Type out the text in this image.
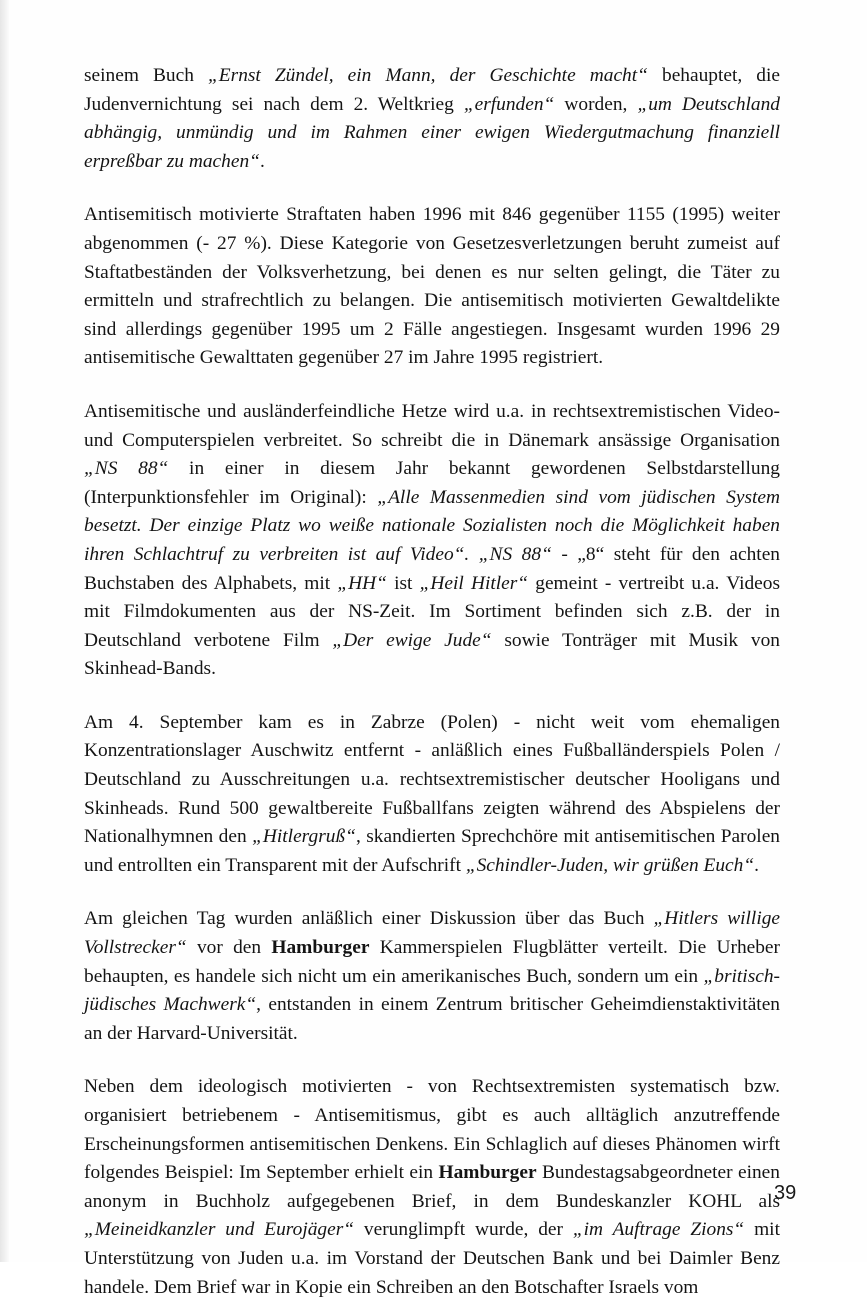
seinem Buch „Ernst Zündel, ein Mann, der Geschichte macht“ behauptet, die Judenvernichtung sei nach dem 2. Weltkrieg „erfunden“ worden, „um Deutschland abhängig, unmündig und im Rahmen einer ewigen Wiedergutmachung finanziell erpreßbar zu machen“.

Antisemitisch motivierte Straftaten haben 1996 mit 846 gegenüber 1155 (1995) weiter abgenommen (- 27 %). Diese Kategorie von Gesetzesverletzungen beruht zumeist auf Staftatbeständen der Volksverhetzung, bei denen es nur selten gelingt, die Täter zu ermitteln und strafrechtlich zu belangen. Die antisemitisch motivierten Gewaltdelikte sind allerdings gegenüber 1995 um 2 Fälle angestiegen. Insgesamt wurden 1996 29 antisemitische Gewalttaten gegenüber 27 im Jahre 1995 registriert.

Antisemitische und ausländerfeindliche Hetze wird u.a. in rechtsextremistischen Video- und Computerspielen verbreitet. So schreibt die in Dänemark ansässige Organisation „NS 88“ in einer in diesem Jahr bekannt gewordenen Selbstdarstellung (Interpunktionsfehler im Original): „Alle Massenmedien sind vom jüdischen System besetzt. Der einzige Platz wo weiße nationale Sozialisten noch die Möglichkeit haben ihren Schlachtruf zu verbreiten ist auf Video“. „NS 88“ - „8“ steht für den achten Buchstaben des Alphabets, mit „HH“ ist „Heil Hitler“ gemeint - vertreibt u.a. Videos mit Filmdokumenten aus der NS-Zeit. Im Sortiment befinden sich z.B. der in Deutschland verbotene Film „Der ewige Jude“ sowie Tonträger mit Musik von Skinhead-Bands.

Am 4. September kam es in Zabrze (Polen) - nicht weit vom ehemaligen Konzentrationslager Auschwitz entfernt - anläßlich eines Fußballänderspiels Polen / Deutschland zu Ausschreitungen u.a. rechtsextremistischer deutscher Hooligans und Skinheads. Rund 500 gewaltbereite Fußballfans zeigten während des Abspielens der Nationalhymnen den „Hitlergruß“, skandierten Sprechchöre mit antisemitischen Parolen und entrollten ein Transparent mit der Aufschrift „Schindler-Juden, wir grüßen Euch“.

Am gleichen Tag wurden anläßlich einer Diskussion über das Buch „Hitlers willige Vollstrecker“ vor den Hamburger Kammerspielen Flugblätter verteilt. Die Urheber behaupten, es handele sich nicht um ein amerikanisches Buch, sondern um ein „britisch-jüdisches Machwerk“, entstanden in einem Zentrum britischer Geheimdienstaktivitäten an der Harvard-Universität.

Neben dem ideologisch motivierten - von Rechtsextremisten systematisch bzw. organisiert betriebenem - Antisemitismus, gibt es auch alltäglich anzutreffende Erscheinungsformen antisemitischen Denkens. Ein Schlaglich auf dieses Phänomen wirft folgendes Beispiel: Im September erhielt ein Hamburger Bundestagsabgeordneter einen anonym in Buchholz aufgegebenen Brief, in dem Bundeskanzler KOHL als „Meineidkanzler und Eurojäger“ verunglimpft wurde, der „im Auftrage Zions“ mit Unterstützung von Juden u.a. im Vorstand der Deutschen Bank und bei Daimler Benz handele. Dem Brief war in Kopie ein Schreiben an den Botschafter Israels vom

39
